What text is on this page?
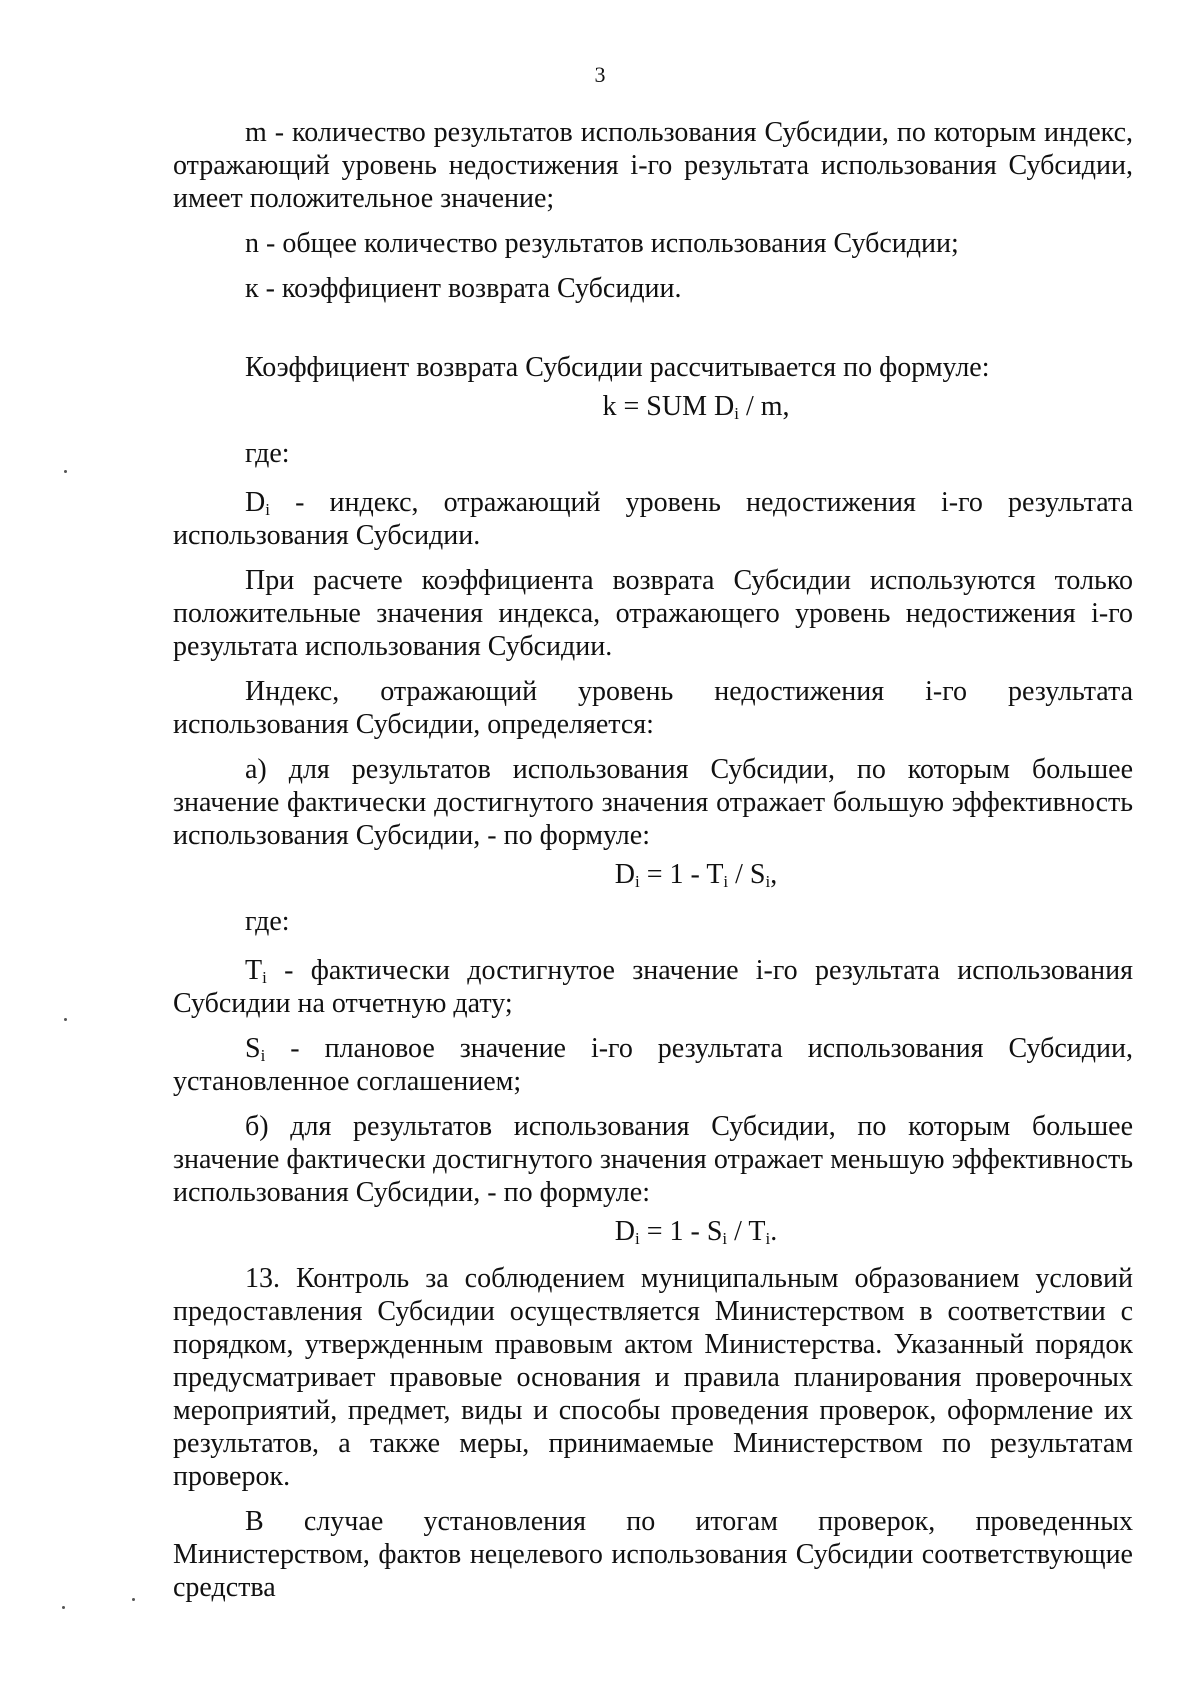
3

m - количество результатов использования Субсидии, по которым индекс, отражающий уровень недостижения i-го результата использования Субсидии, имеет положительное значение;

n - общее количество результатов использования Субсидии;

к - коэффициент возврата Субсидии.

Коэффициент возврата Субсидии рассчитывается по формуле:

k = SUM $D_i$ / m,

где:

$D_i$ - индекс, отражающий уровень недостижения i-го результата использования Субсидии.

При расчете коэффициента возврата Субсидии используются только положительные значения индекса, отражающего уровень недостижения i-го результата использования Субсидии.

Индекс, отражающий уровень недостижения i-го результата использования Субсидии, определяется:

а) для результатов использования Субсидии, по которым большее значение фактически достигнутого значения отражает большую эффективность использования Субсидии, - по формуле:

$D_i = 1 - T_i / S_i$,

где:

$T_i$ - фактически достигнутое значение i-го результата использования Субсидии на отчетную дату;

$S_i$ - плановое значение i-го результата использования Субсидии, установленное соглашением;

б) для результатов использования Субсидии, по которым большее значение фактически достигнутого значения отражает меньшую эффективность использования Субсидии, - по формуле:

$D_i = 1 - S_i / T_i$.

13. Контроль за соблюдением муниципальным образованием условий предоставления Субсидии осуществляется Министерством в соответствии с порядком, утвержденным правовым актом Министерства. Указанный порядок предусматривает правовые основания и правила планирования проверочных мероприятий, предмет, виды и способы проведения проверок, оформление их результатов, а также меры, принимаемые Министерством по результатам проверок.

В случае установления по итогам проверок, проведенных Министерством, фактов нецелевого использования Субсидии соответствующие средства
